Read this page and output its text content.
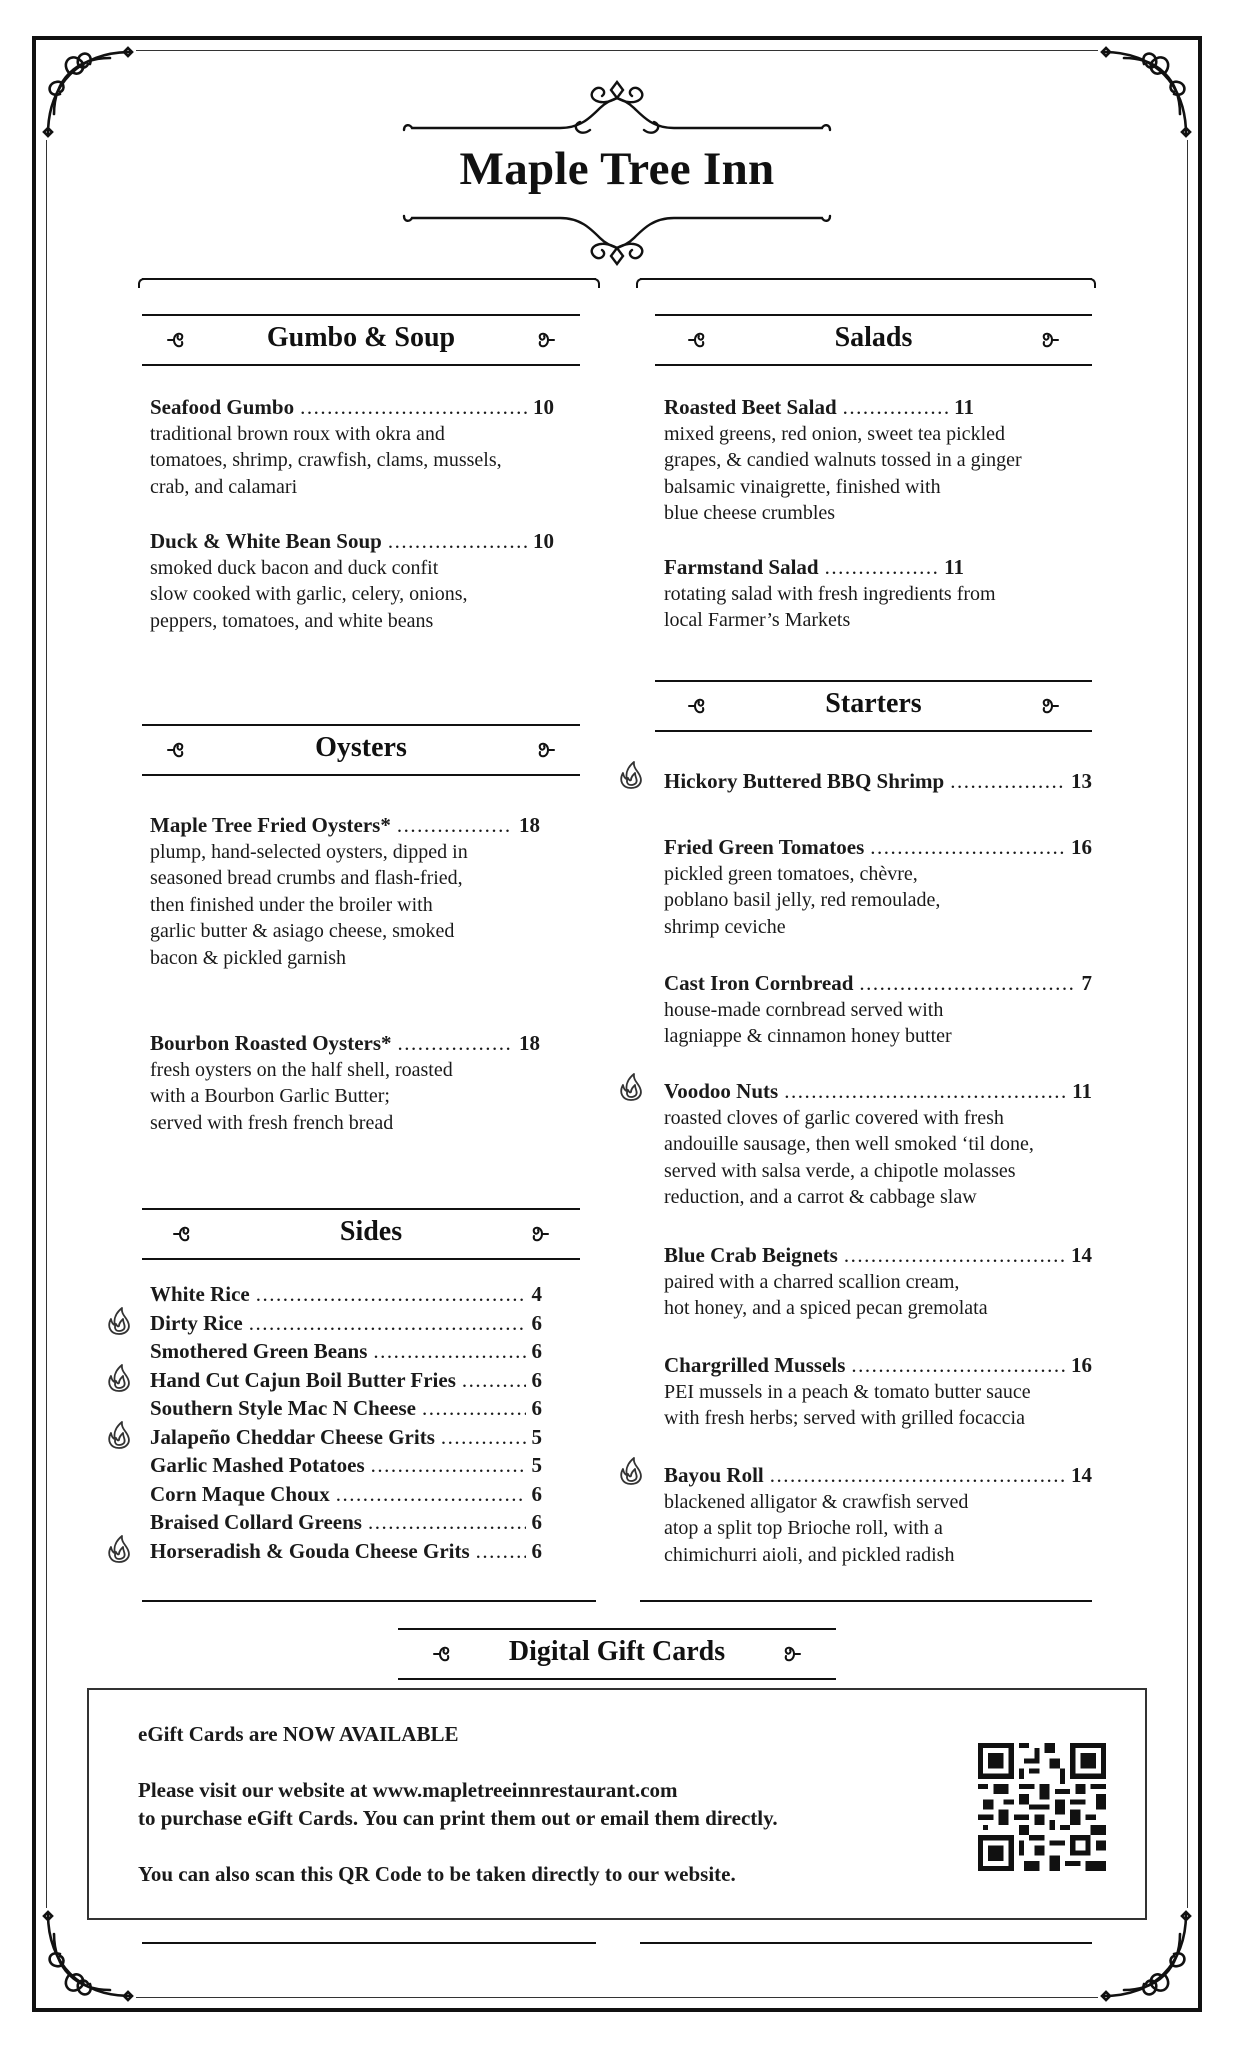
Maple Tree Inn
Gumbo & Soup	Salads
Oysters
Starters
Sides
Digital Gift Cards
Seafood Gumbo .....	10
traditional brown roux with okra and
tomatoes, shrimp, crawfish, clams, mussels,
crab, and calamari
Duck & White Bean Soup .....	10
smoked duck bacon and duck confit
slow cooked with garlic, celery, onions,
peppers, tomatoes, and white beans
Maple Tree Fried Oysters* .....	18
plump, hand-selected oysters, dipped in
seasoned bread crumbs and flash-fried,
then finished under the broiler with
garlic butter & asiago cheese, smoked
bacon & pickled garnish
Bourbon Roasted Oysters* .....	18
fresh oysters on the half shell, roasted
with a Bourbon Garlic Butter;
served with fresh french bread
White Rice .....	4
Dirty Rice .....	6
Smothered Green Beans .....	6
Hand Cut Cajun Boil Butter Fries .....	6
Southern Style Mac N Cheese .....	6
Jalapeño Cheddar Cheese Grits .....	5
Garlic Mashed Potatoes .....	5
Corn Maque Choux .....	6
Braised Collard Greens .....	6
Horseradish & Gouda Cheese Grits .....	6
Roasted Beet Salad .....	11
mixed greens, red onion, sweet tea pickled
grapes, & candied walnuts tossed in a ginger
balsamic vinaigrette, finished with
blue cheese crumbles
Farmstand Salad .....	11
rotating salad with fresh ingredients from
local Farmer’s Markets
Hickory Buttered BBQ Shrimp .....	13
Fried Green Tomatoes .....	16
pickled green tomatoes, chèvre,
poblano basil jelly, red remoulade,
shrimp ceviche
Cast Iron Cornbread .....	7
house-made cornbread served with
lagniappe & cinnamon honey butter
Voodoo Nuts .....	11
roasted cloves of garlic covered with fresh
andouille sausage, then well smoked ‘til done,
served with salsa verde, a chipotle molasses
reduction, and a carrot & cabbage slaw
Blue Crab Beignets .....	14
paired with a charred scallion cream,
hot honey, and a spiced pecan gremolata
Chargrilled Mussels .....	16
PEI mussels in a peach & tomato butter sauce
with fresh herbs; served with grilled focaccia
Bayou Roll .....	14
blackened alligator & crawfish served
atop a split top Brioche roll, with a
chimichurri aioli, and pickled radish
eGift Cards are NOW AVAILABLE
Please visit our website at www.mapletreeinnrestaurant.com
to purchase eGift Cards. You can print them out or email them directly.
You can also scan this QR Code to be taken directly to our website.
